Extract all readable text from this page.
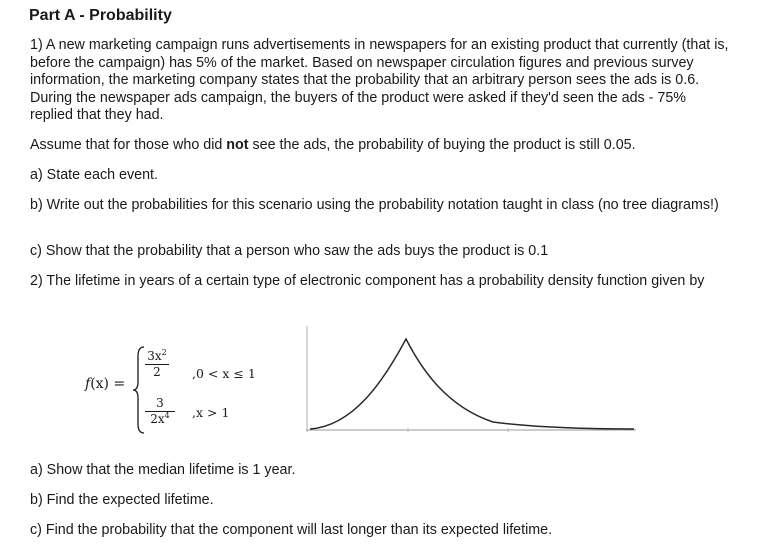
Part A - Probability

1) A new marketing campaign runs advertisements in newspapers for an existing product that currently (that is, before the campaign) has 5% of the market. Based on newspaper circulation figures and previous survey information, the marketing company states that the probability that an arbitrary person sees the ads is 0.6. During the newspaper ads campaign, the buyers of the product were asked if they'd seen the ads - 75% replied that they had.

Assume that for those who did not see the ads, the probability of buying the product is still 0.05.

a) State each event.

b) Write out the probabilities for this scenario using the probability notation taught in class (no tree diagrams!)

c) Show that the probability that a person who saw the ads buys the product is 0.1

2) The lifetime in years of a certain type of electronic component has a probability density function given by

f(x) =
$3x^2$
2	,0 < x ≤ 1
3
$2x^4$	,x > 1

a) Show that the median lifetime is 1 year.

b) Find the expected lifetime.

c) Find the probability that the component will last longer than its expected lifetime.
